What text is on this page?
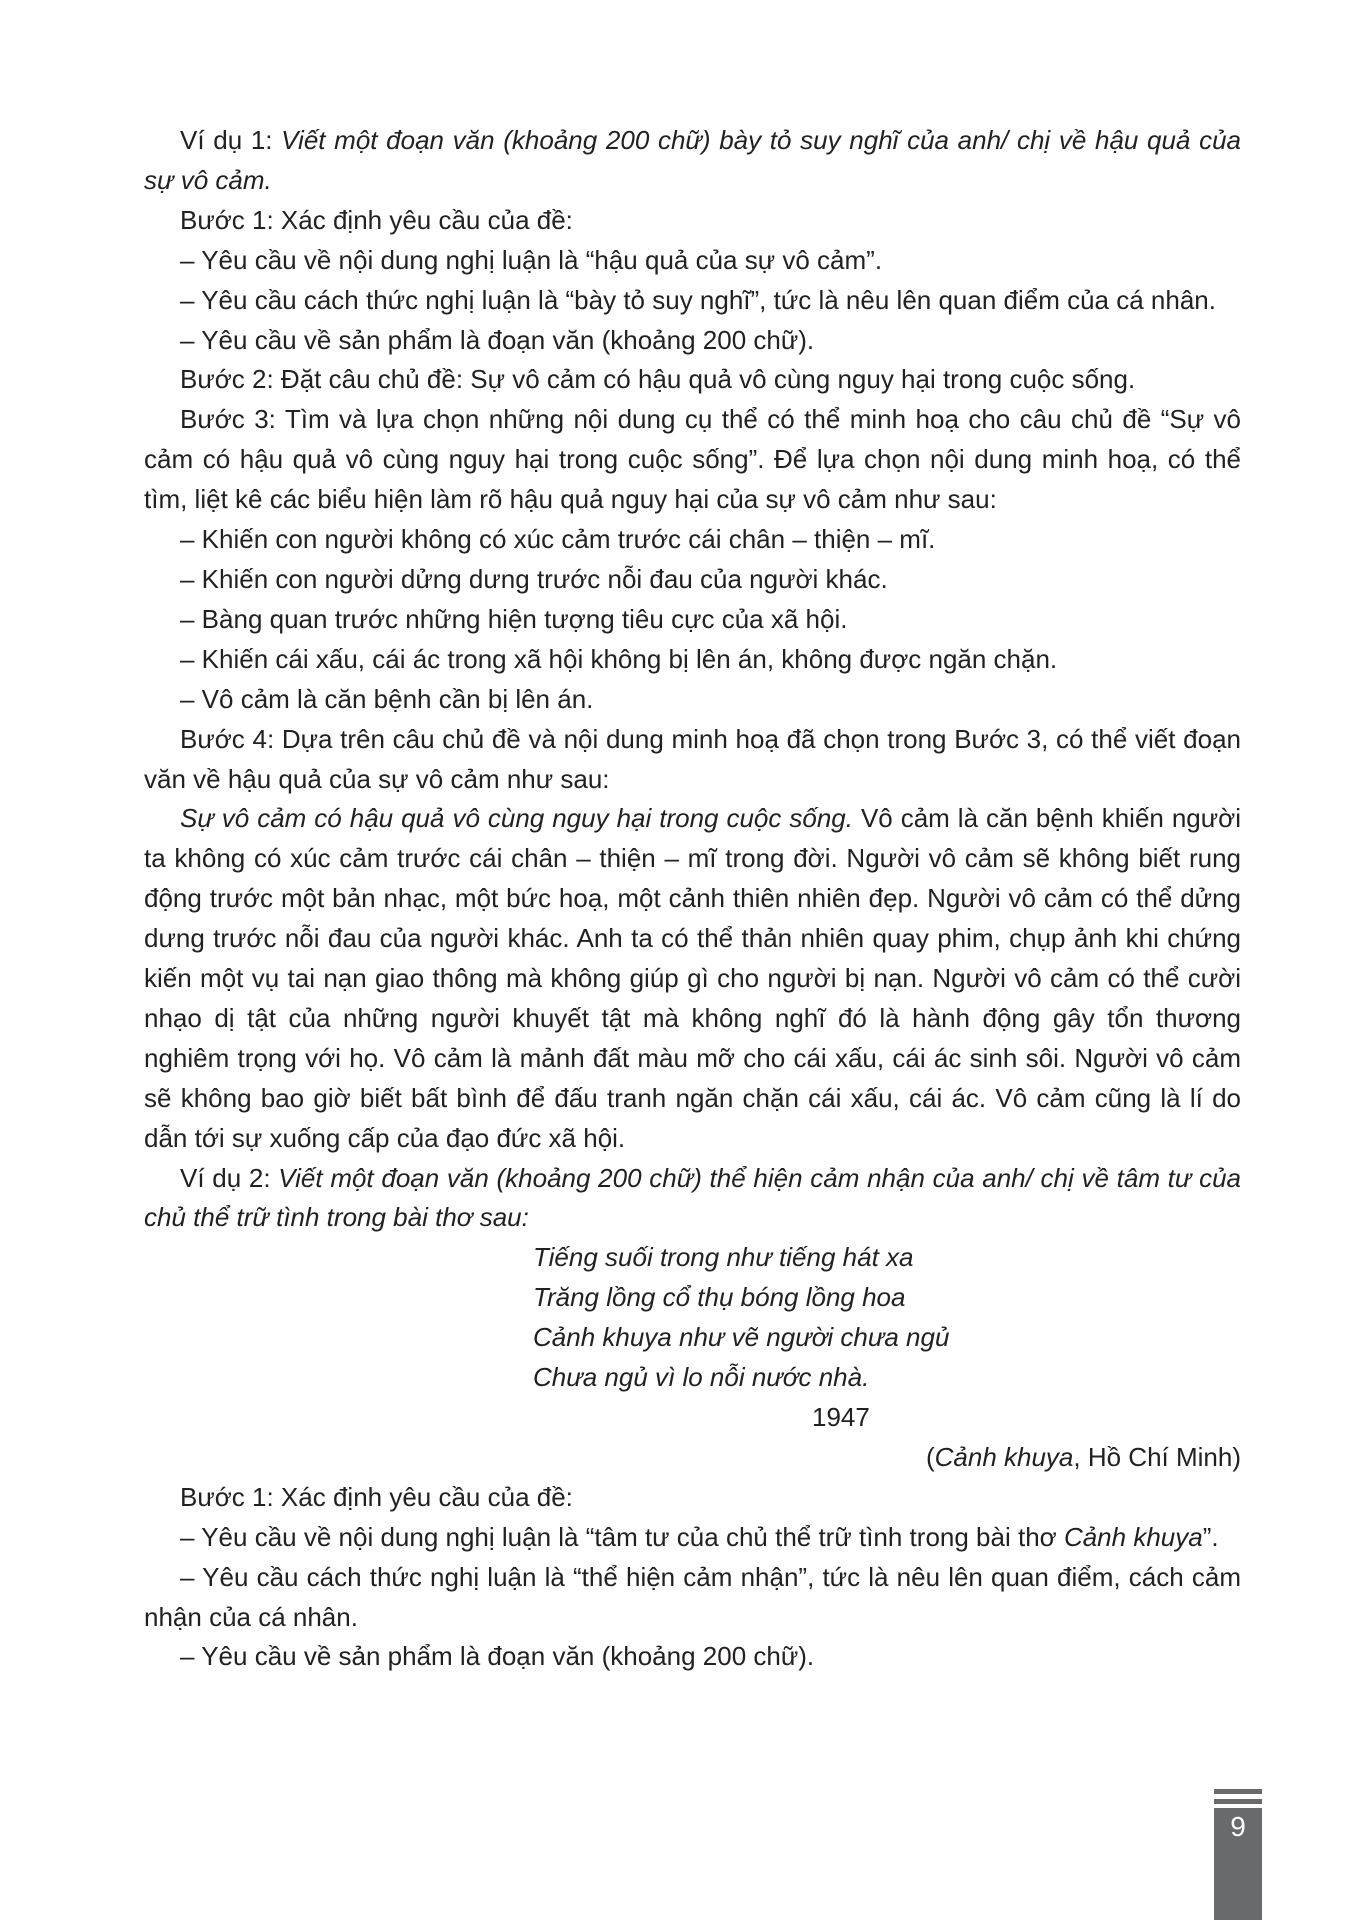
Ví dụ 1: Viết một đoạn văn (khoảng 200 chữ) bày tỏ suy nghĩ của anh/ chị về hậu quả của sự vô cảm.
Bước 1: Xác định yêu cầu của đề:
– Yêu cầu về nội dung nghị luận là “hậu quả của sự vô cảm”.
– Yêu cầu cách thức nghị luận là “bày tỏ suy nghĩ”, tức là nêu lên quan điểm của cá nhân.
– Yêu cầu về sản phẩm là đoạn văn (khoảng 200 chữ).
Bước 2: Đặt câu chủ đề: Sự vô cảm có hậu quả vô cùng nguy hại trong cuộc sống.
Bước 3: Tìm và lựa chọn những nội dung cụ thể có thể minh hoạ cho câu chủ đề “Sự vô cảm có hậu quả vô cùng nguy hại trong cuộc sống”. Để lựa chọn nội dung minh hoạ, có thể tìm, liệt kê các biểu hiện làm rõ hậu quả nguy hại của sự vô cảm như sau:
– Khiến con người không có xúc cảm trước cái chân – thiện – mĩ.
– Khiến con người dửng dưng trước nỗi đau của người khác.
– Bàng quan trước những hiện tượng tiêu cực của xã hội.
– Khiến cái xấu, cái ác trong xã hội không bị lên án, không được ngăn chặn.
– Vô cảm là căn bệnh cần bị lên án.
Bước 4: Dựa trên câu chủ đề và nội dung minh hoạ đã chọn trong Bước 3, có thể viết đoạn văn về hậu quả của sự vô cảm như sau:
Sự vô cảm có hậu quả vô cùng nguy hại trong cuộc sống. Vô cảm là căn bệnh khiến người ta không có xúc cảm trước cái chân – thiện – mĩ trong đời. Người vô cảm sẽ không biết rung động trước một bản nhạc, một bức hoạ, một cảnh thiên nhiên đẹp. Người vô cảm có thể dửng dưng trước nỗi đau của người khác. Anh ta có thể thản nhiên quay phim, chụp ảnh khi chứng kiến một vụ tai nạn giao thông mà không giúp gì cho người bị nạn. Người vô cảm có thể cười nhạo dị tật của những người khuyết tật mà không nghĩ đó là hành động gây tổn thương nghiêm trọng với họ. Vô cảm là mảnh đất màu mỡ cho cái xấu, cái ác sinh sôi. Người vô cảm sẽ không bao giờ biết bất bình để đấu tranh ngăn chặn cái xấu, cái ác. Vô cảm cũng là lí do dẫn tới sự xuống cấp của đạo đức xã hội.
Ví dụ 2: Viết một đoạn văn (khoảng 200 chữ) thể hiện cảm nhận của anh/ chị về tâm tư của chủ thể trữ tình trong bài thơ sau:
Tiếng suối trong như tiếng hát xa
Trăng lồng cổ thụ bóng lồng hoa
Cảnh khuya như vẽ người chưa ngủ
Chưa ngủ vì lo nỗi nước nhà.
1947
(Cảnh khuya, Hồ Chí Minh)
Bước 1: Xác định yêu cầu của đề:
– Yêu cầu về nội dung nghị luận là “tâm tư của chủ thể trữ tình trong bài thơ Cảnh khuya”.
– Yêu cầu cách thức nghị luận là “thể hiện cảm nhận”, tức là nêu lên quan điểm, cách cảm nhận của cá nhân.
– Yêu cầu về sản phẩm là đoạn văn (khoảng 200 chữ).
9
